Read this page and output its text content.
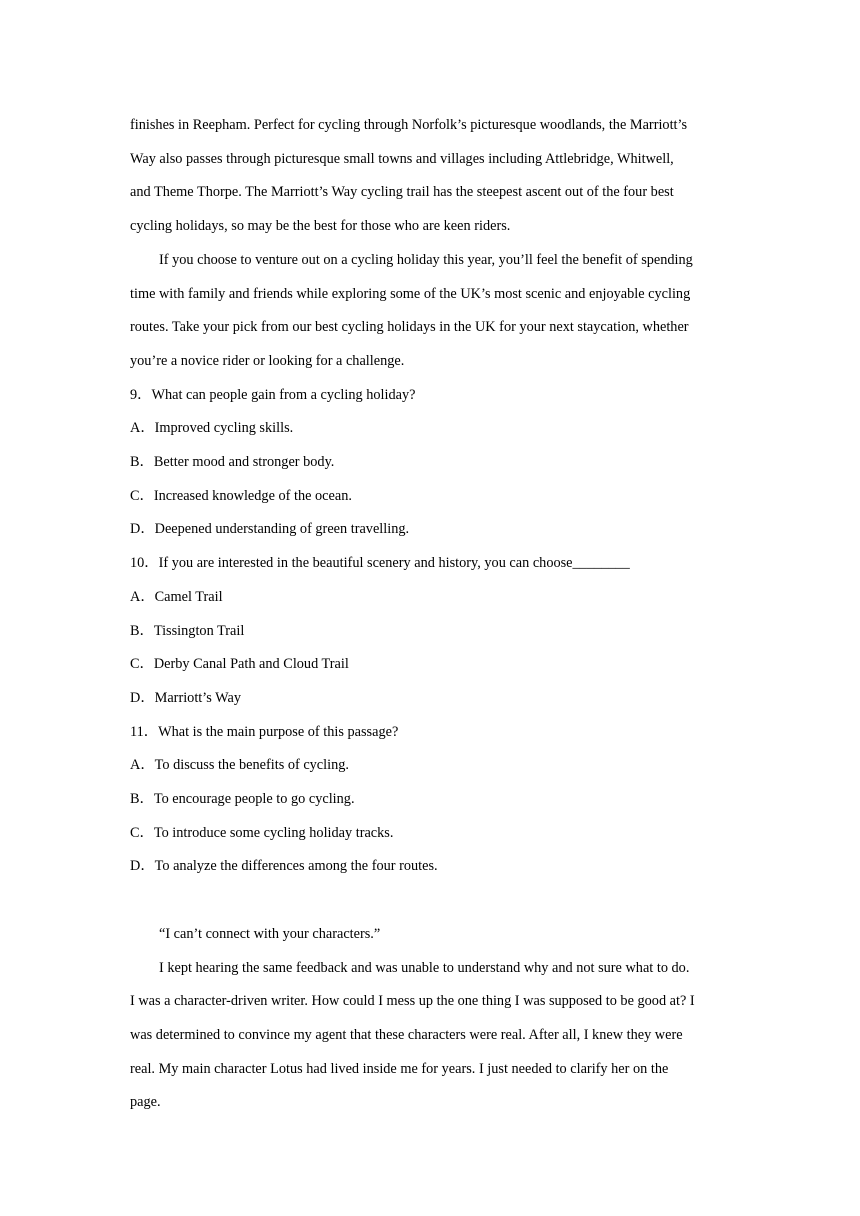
finishes in Reepham. Perfect for cycling through Norfolk’s picturesque woodlands, the Marriott’s
Way also passes through picturesque small towns and villages including Attlebridge, Whitwell,
and Theme Thorpe. The Marriott’s Way cycling trail has the steepest ascent out of the four best
cycling holidays, so may be the best for those who are keen riders.
If you choose to venture out on a cycling holiday this year, you’ll feel the benefit of spending
time with family and friends while exploring some of the UK’s most scenic and enjoyable cycling
routes. Take your pick from our best cycling holidays in the UK for your next staycation, whether
you’re a novice rider or looking for a challenge.

9．What can people gain from a cycling holiday?

A．Improved cycling skills.

B．Better mood and stronger body.

C．Increased knowledge of the ocean.

D．Deepened understanding of green travelling.

10．If you are interested in the beautiful scenery and history, you can choose________

A．Camel Trail

B．Tissington Trail

C．Derby Canal Path and Cloud Trail

D．Marriott’s Way

11．What is the main purpose of this passage?

A．To discuss the benefits of cycling.

B．To encourage people to go cycling.

C．To introduce some cycling holiday tracks.

D．To analyze the differences among the four routes.

“I can’t connect with your characters.”
I kept hearing the same feedback and was unable to understand why and not sure what to do.
I was a character-driven writer. How could I mess up the one thing I was supposed to be good at? I
was determined to convince my agent that these characters were real. After all, I knew they were
real. My main character Lotus had lived inside me for years. I just needed to clarify her on the
page.
